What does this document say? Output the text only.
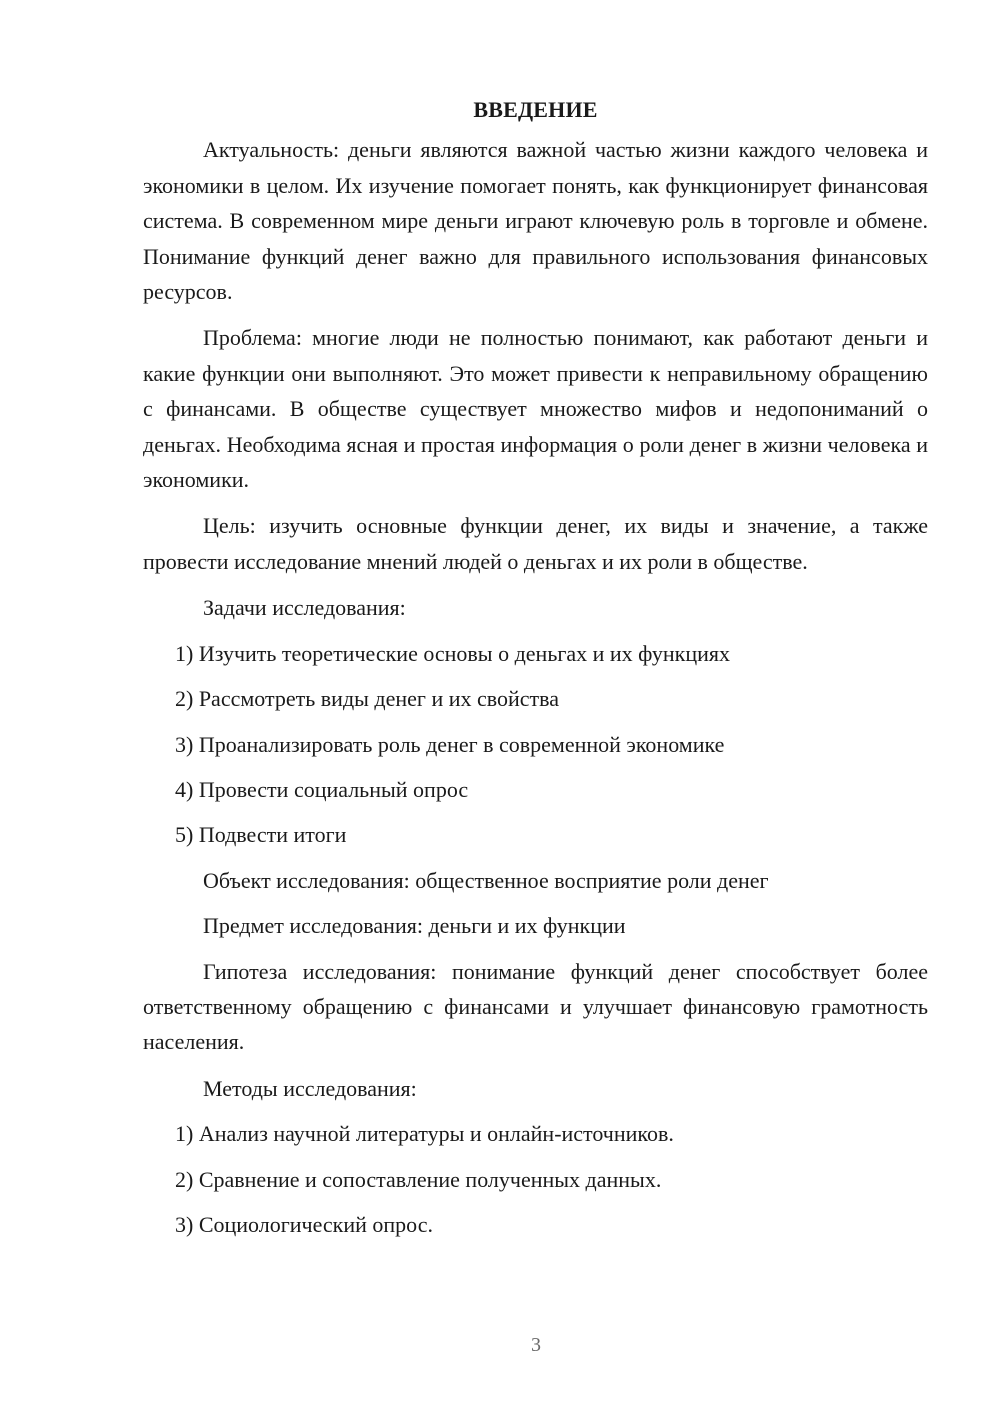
ВВЕДЕНИЕ

Актуальность: деньги являются важной частью жизни каждого человека и экономики в целом. Их изучение помогает понять, как функционирует финансовая система. В современном мире деньги играют ключевую роль в торговле и обмене. Понимание функций денег важно для правильного использования финансовых ресурсов.

Проблема: многие люди не полностью понимают, как работают деньги и какие функции они выполняют. Это может привести к неправильному обращению с финансами. В обществе существует множество мифов и недопониманий о деньгах. Необходима ясная и простая информация о роли денег в жизни человека и экономики.

Цель: изучить основные функции денег, их виды и значение, а также провести исследование мнений людей о деньгах и их роли в обществе.

Задачи исследования:

1) Изучить теоретические основы о деньгах и их функциях

2) Рассмотреть виды денег и их свойства

3) Проанализировать роль денег в современной экономике

4) Провести социальный опрос

5) Подвести итоги

Объект исследования: общественное восприятие роли денег

Предмет исследования: деньги и их функции

Гипотеза исследования: понимание функций денег способствует более ответственному обращению с финансами и улучшает финансовую грамотность населения.

Методы исследования:

1) Анализ научной литературы и онлайн-источников.

2) Сравнение и сопоставление полученных данных.

3) Социологический опрос.

3
